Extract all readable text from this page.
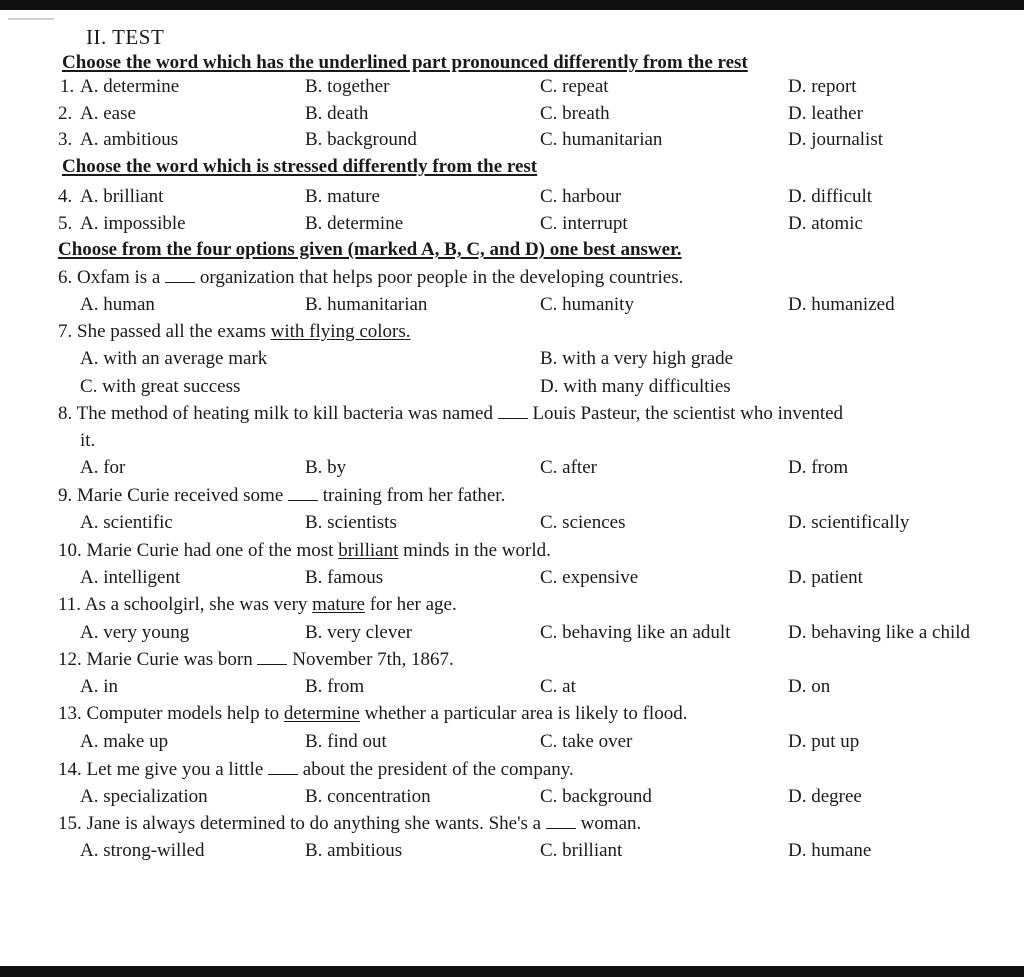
II. TEST
Choose the word which has the underlined part pronounced differently from the rest
1. A. determine	B. together	C. repeat	D. report
2. A. ease	B. death	C. breath	D. leather
3. A. ambitious	B. background	C. humanitarian	D. journalist
Choose the word which is stressed differently from the rest
4. A. brilliant	B. mature	C. harbour	D. difficult
5. A. impossible	B. determine	C. interrupt	D. atomic
Choose from the four options given (marked A, B, C, and D) one best answer.
6. Oxfam is a organization that helps poor people in the developing countries.
A. human	B. humanitarian	C. humanity	D. humanized
7. She passed all the exams with flying colors.
A. with an average mark	B. with a very high grade
C. with great success	D. with many difficulties
8. The method of heating milk to kill bacteria was named Louis Pasteur, the scientist who invented
it.
A. for	B. by	C. after	D. from
9. Marie Curie received some training from her father.
A. scientific	B. scientists	C. sciences	D. scientifically
10. Marie Curie had one of the most brilliant minds in the world.
A. intelligent	B. famous	C. expensive	D. patient
11. As a schoolgirl, she was very mature for her age.
A. very young	B. very clever	C. behaving like an adult	D. behaving like a child
12. Marie Curie was born November 7th, 1867.
A. in	B. from	C. at	D. on
13. Computer models help to determine whether a particular area is likely to flood.
A. make up	B. find out	C. take over	D. put up
14. Let me give you a little about the president of the company.
A. specialization	B. concentration	C. background	D. degree
15. Jane is always determined to do anything she wants. She's a woman.
A. strong-willed	B. ambitious	C. brilliant	D. humane
